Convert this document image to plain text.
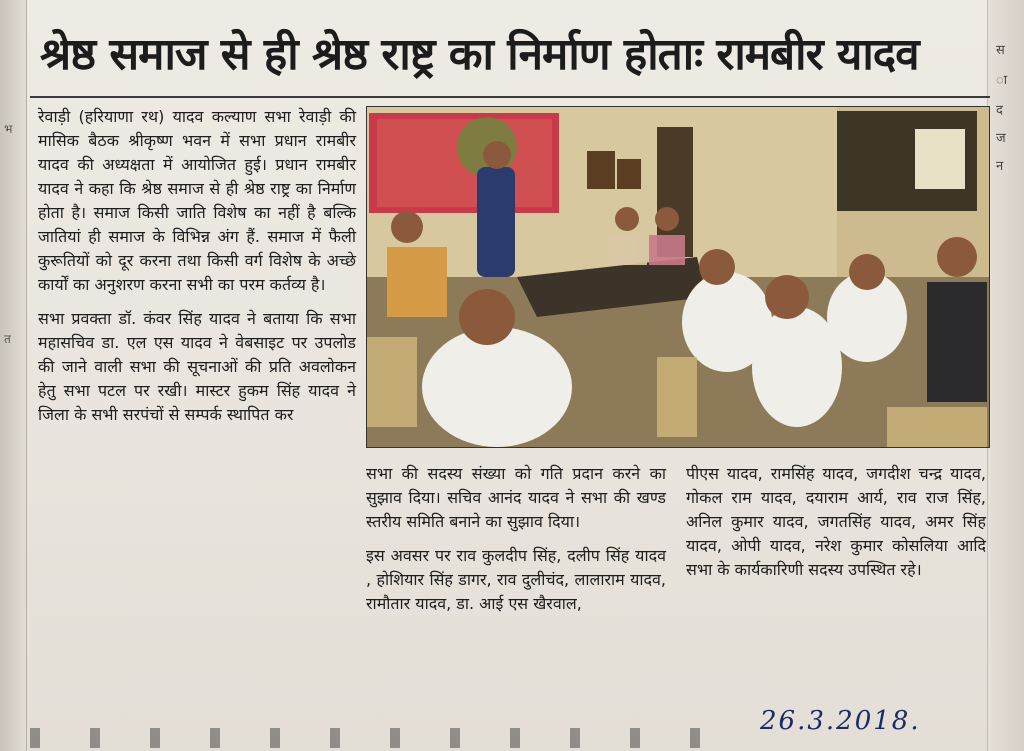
भ
त
स
ा
द
ज
न
श्रेष्ठ समाज से ही श्रेष्ठ राष्ट्र का निर्माण होताः रामबीर यादव

रेवाड़ी (हरियाणा रथ) यादव कल्याण सभा रेवाड़ी की मासिक बैठक श्रीकृष्ण भवन में सभा प्रधान रामबीर यादव की अध्यक्षता में आयोजित हुई। प्रधान रामबीर यादव ने कहा कि श्रेष्ठ समाज से ही श्रेष्ठ राष्ट्र का निर्माण होता है। समाज किसी जाति विशेष का नहीं है बल्कि जातियां ही समाज के विभिन्न अंग हैं. समाज में फैली कुरूतियों को दूर करना तथा किसी वर्ग विशेष के अच्छे कार्यों का अनुशरण करना सभी का परम कर्तव्य है।

सभा प्रवक्ता डॉ. कंवर सिंह यादव ने बताया कि सभा महासचिव डा. एल एस यादव ने वेबसाइट पर उपलोड की जाने वाली सभा की सूचनाओं की प्रति अवलोकन हेतु सभा पटल पर रखी। मास्टर हुकम सिंह यादव ने जिला के सभी सरपंचों से सम्पर्क स्थापित कर

सभा की सदस्य संख्या को गति प्रदान करने का सुझाव दिया। सचिव आनंद यादव ने सभा की खण्ड स्तरीय समिति बनाने का सुझाव दिया।

इस अवसर पर राव कुलदीप सिंह, दलीप सिंह यादव , होशियार सिंह डागर, राव दुलीचंद, लालाराम यादव, रामौतार यादव, डा. आई एस खैरवाल,

पीएस यादव, रामसिंह यादव, जगदीश चन्द्र यादव, गोकल राम यादव, दयाराम आर्य, राव राज सिंह, अनिल कुमार यादव, जगतसिंह यादव, अमर सिंह यादव, ओपी यादव, नरेश कुमार कोसलिया आदि सभा के कार्यकारिणी सदस्य उपस्थित रहे।

26.3.2018.
